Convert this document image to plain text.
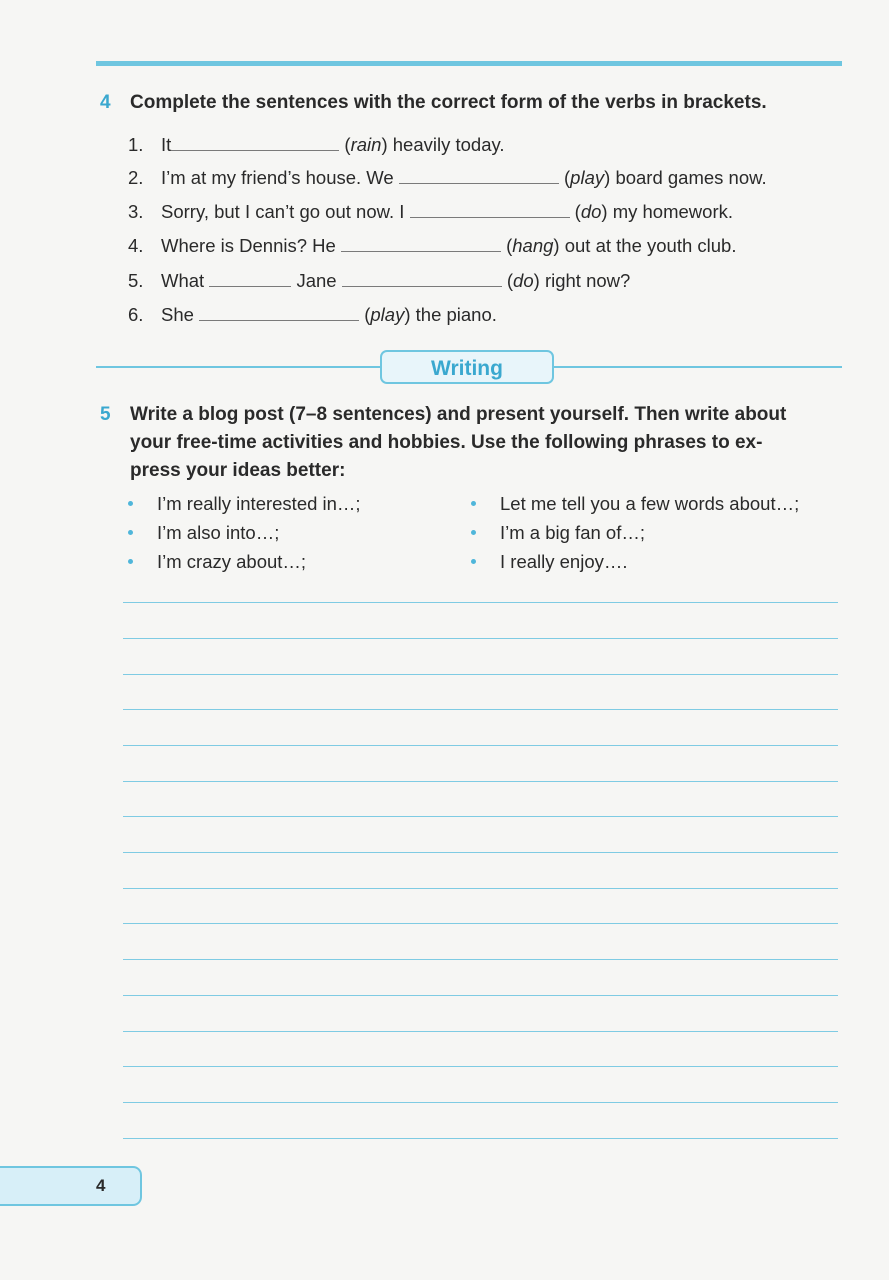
4 Complete the sentences with the correct form of the verbs in brackets.
1. It	(rain) heavily today.
2. I’m at my friend’s house. We	(play) board games now.
3. Sorry, but I can’t go out now. I	(do) my homework.
4. Where is Dennis? He	(hang) out at the youth club.
5. What	Jane	(do) right now?
6. She	(play) the piano.
Writing
5 Write a blog post (7–8 sentences) and present yourself. Then write about
your free-time activities and hobbies. Use the following phrases to ex-
press your ideas better:
I’m really interested in…;
I’m also into…;
I’m crazy about…;
Let me tell you a few words about…;
I’m a big fan of…;
I really enjoy….
4
